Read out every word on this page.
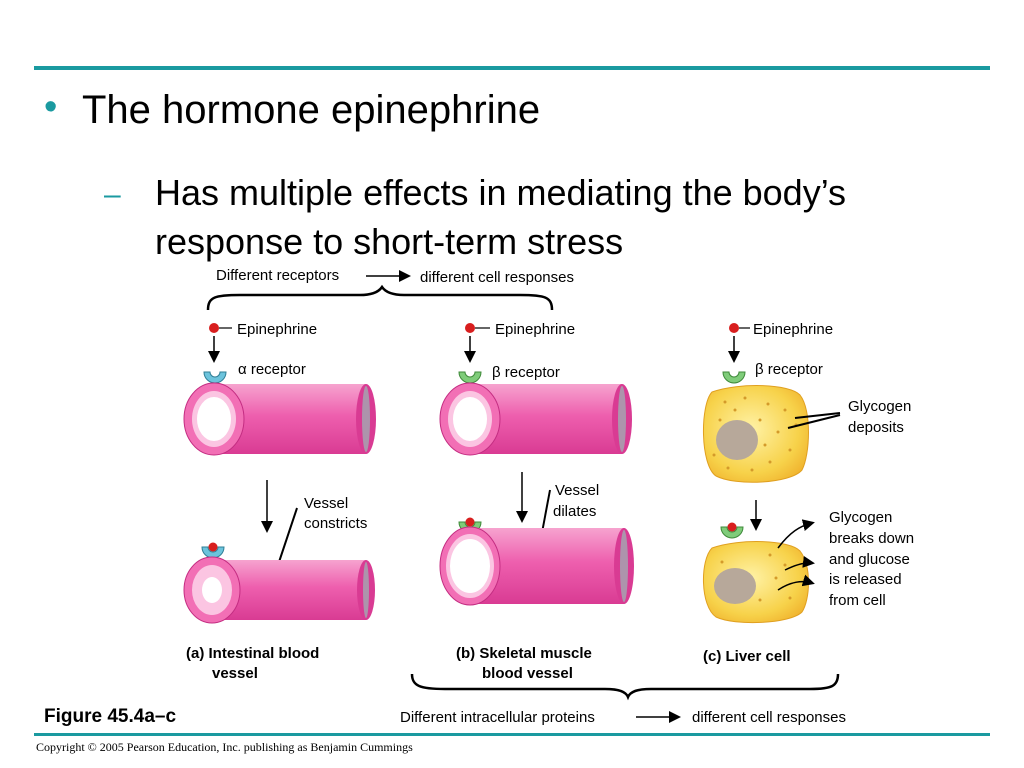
• The hormone epinephrine
– Has multiple effects in mediating the body’s
response to short-term stress
Different receptors	different cell responses
Epinephrine
α receptor
Vessel
constricts
(a) Intestinal blood
vessel
Epinephrine
β receptor
Vessel
dilates
(b) Skeletal muscle
blood vessel
Epinephrine
β receptor
Glycogen
deposits
Glycogen
breaks down
and glucose
is released
from cell
(c) Liver cell
Different intracellular proteins	different cell responses
Figure 45.4a–c
Copyright © 2005 Pearson Education, Inc. publishing as Benjamin Cummings
